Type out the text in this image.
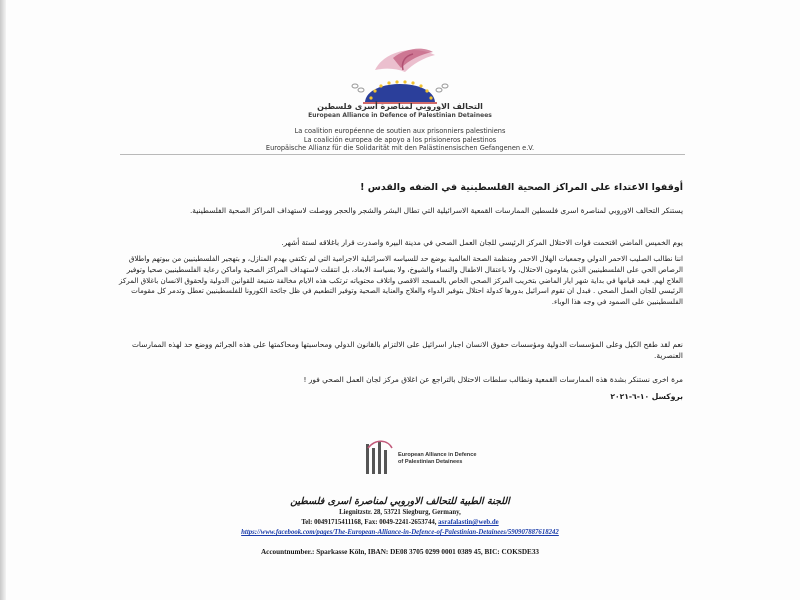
التحالف الاوروبي لمناصرة أسرى فلسطين
European Alliance in Defence of Palestinian Detainees
La coalition européenne de soutien aux prisonniers palestiniens
La coalición europea de apoyo a los prisioneros palestinos
Europäische Allianz für die Solidarität mit den Palästinensischen Gefangenen e.V.
أوقفوا الاعتداء على المراكز الصحية الفلسطينية في الضفه والقدس !
يستنكر التحالف الاوروبي لمناصرة اسرى فلسطين الممارسات القمعية الاسرائيلية التي تطال البشر والشجر والحجر ووصلت لاستهداف المراكز الصحية الفلسطينية.
يوم الخميس الماضي اقتحمت قوات الاحتلال المركز الرئيسي للجان العمل الصحي في مدينة البيرة واصدرت قرار باغلاقه لستة أشهر.
اننا نطالب الصليب الاحمر الدولي وجمعيات الهلال الاحمر ومنظمة الصحة العالمية بوضع حد للسياسه الاسرائيلية الاجرامية التي لم تكتفي بهدم المنازل، و بتهجير الفلسطينيين من بيوتهم واطلاق الرصاص الحي على الفلسطينيين الذين يقاومون الاحتلال، ولا باعتقال الاطفال والنساء والشيوخ، ولا بسياسة الابعاد، بل انتقلت لاستهداف المراكز الصحية واماكن رعاية الفلسطينيين صحيا وتوفير العلاج لهم. فبعد قيامها في بداية شهر ايار الماضي بتخريب المركز الصحي الخاص بالمسجد الاقصى واتلاف محتوياته ترتكب هذه الايام مخالفة شنيعة للقوانين الدولية ولحقوق الانسان باغلاق المركز الرئيسي للجان العمل الصحي . فبدل ان تقوم اسرائيل بدورها كدولة احتلال بتوفير الدواء والعلاج والعناية الصحية وتوفير التطعيم في ظل جائحة الكورونا للفلسطينيين تعطل وتدمر كل مقومات الفلسطينيين على الصمود في وجه هذا الوباء.
نعم لقد طفح الكيل وعلى المؤسسات الدولية ومؤسسات حقوق الانسان اجبار اسرائيل على الالتزام بالقانون الدولي ومحاسبتها ومحاكمتها على هذه الجرائم ووضع حد لهذه الممارسات العنصرية.
مرة اخرى نستنكر بشدة هذه الممارسات القمعية ونطالب سلطات الاحتلال بالتراجع عن اغلاق مركز لجان العمل الصحي فور !
بروكسل ١٠-٦-٢٠٢١
European Alliance in Defence
of Palestinian Detainees
اللجنة الطبية للتحالف الاوروبي لمناصرة اسرى فلسطين
Liegnitzstr. 28, 53721 Siegburg, Germany,
Tel: 004917154111​68, Fax: 0049-2241-2653744, asrafalastin@web.de
https://www.facebook.com/pages/The-European-Alliance-in-Defence-of-Palestinian-Detainees/590907887618242
Accountnumber.: Sparkasse Köln, IBAN: DE08 3705 0299 0001 0389 45, BIC: COKSDE33
